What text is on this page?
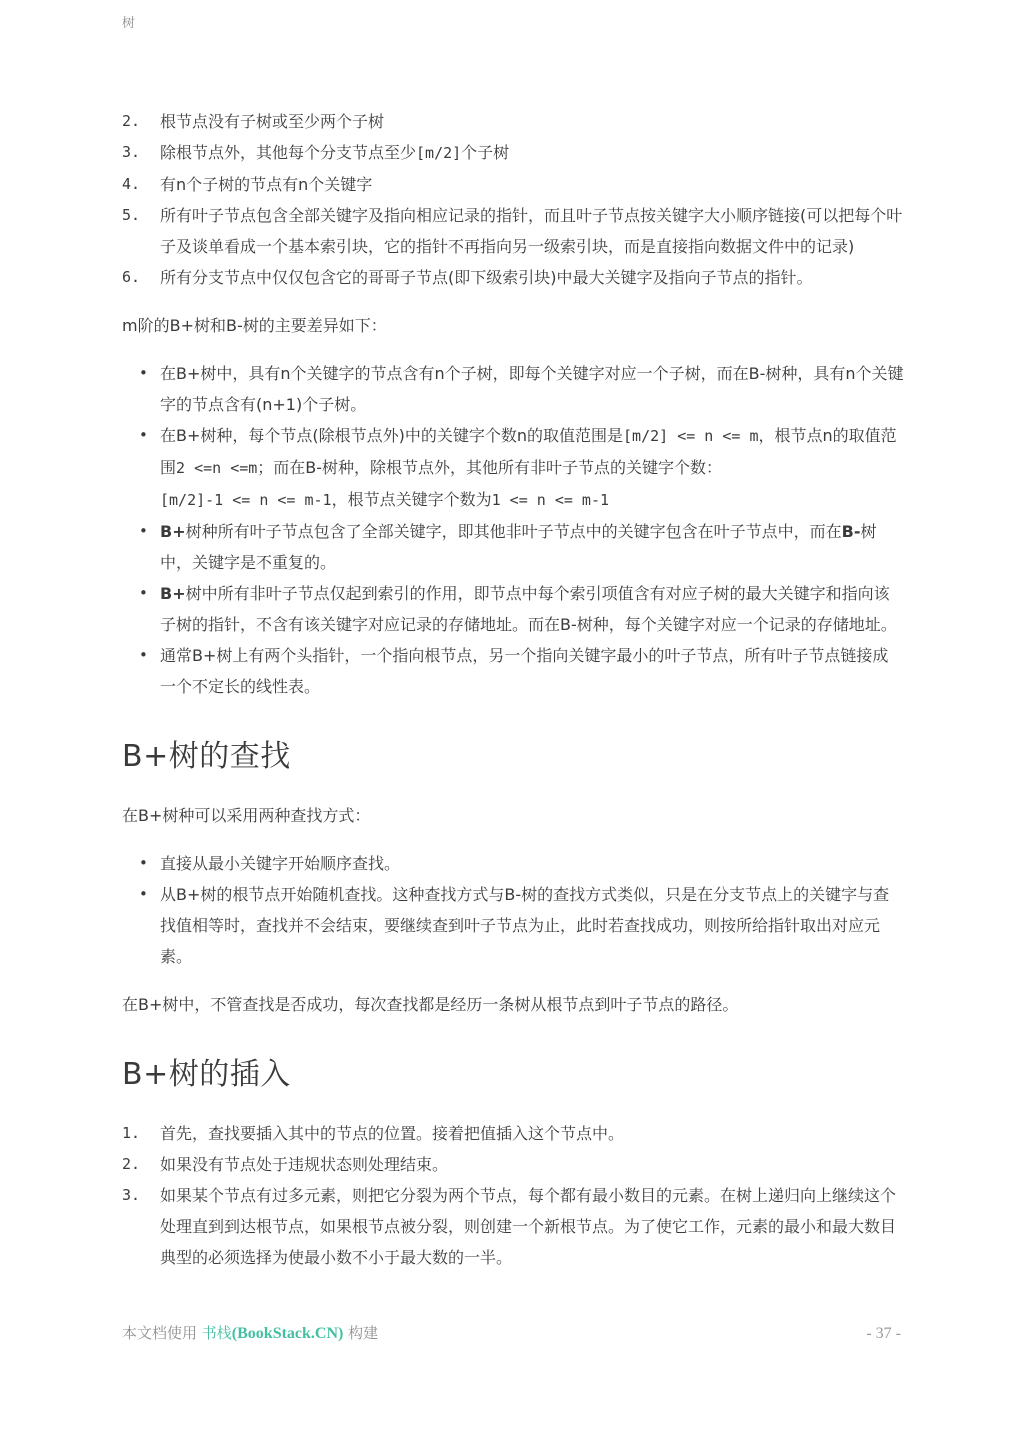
树
2.	根节点没有子树或至少两个子树
3.	除根节点外，其他每个分支节点至少[m/2]个子树
4.	有n个子树的节点有n个关键字
5.	所有叶子节点包含全部关键字及指向相应记录的指针，而且叶子节点按关键字大小顺序链接(可以把每个叶子及谈单看成一个基本索引块，它的指针不再指向另一级索引块，而是直接指向数据文件中的记录)
6.	所有分支节点中仅仅包含它的哥哥子节点(即下级索引块)中最大关键字及指向子节点的指针。

m阶的B+树和B-树的主要差异如下：

• 在B+树中，具有n个关键字的节点含有n个子树，即每个关键字对应一个子树，而在B-树种，具有n个关键字的节点含有(n+1)个子树。
• 在B+树种，每个节点(除根节点外)中的关键字个数n的取值范围是[m/2] <= n <= m，根节点n的取值范围2 <=n <=m；而在B-树种，除根节点外，其他所有非叶子节点的关键字个数：[m/2]-1 <= n <= m-1，根节点关键字个数为1 <= n <= m-1
• B+树种所有叶子节点包含了全部关键字，即其他非叶子节点中的关键字包含在叶子节点中，而在B-树中，关键字是不重复的。
• B+树中所有非叶子节点仅起到索引的作用，即节点中每个索引项值含有对应子树的最大关键字和指向该子树的指针，不含有该关键字对应记录的存储地址。而在B-树种，每个关键字对应一个记录的存储地址。
• 通常B+树上有两个头指针，一个指向根节点，另一个指向关键字最小的叶子节点，所有叶子节点链接成一个不定长的线性表。
B+树的查找

在B+树种可以采用两种查找方式：

• 直接从最小关键字开始顺序查找。
• 从B+树的根节点开始随机查找。这种查找方式与B-树的查找方式类似，只是在分支节点上的关键字与查找值相等时，查找并不会结束，要继续查到叶子节点为止，此时若查找成功，则按所给指针取出对应元素。

在B+树中，不管查找是否成功，每次查找都是经历一条树从根节点到叶子节点的路径。

B+树的插入
1.	首先，查找要插入其中的节点的位置。接着把值插入这个节点中。
2.	如果没有节点处于违规状态则处理结束。
3.	如果某个节点有过多元素，则把它分裂为两个节点，每个都有最小数目的元素。在树上递归向上继续这个处理直到到达根节点，如果根节点被分裂，则创建一个新根节点。为了使它工作，元素的最小和最大数目典型的必须选择为使最小数不小于最大数的一半。
本文档使用 书栈(BookStack.CN) 构建	- 37 -
